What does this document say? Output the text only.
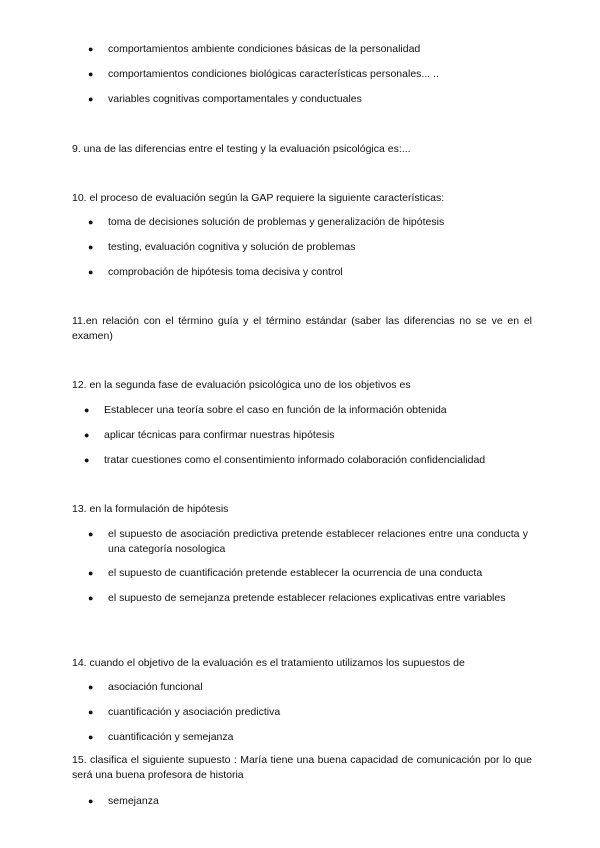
●	comportamientos ambiente condiciones básicas de la personalidad
●	comportamientos condiciones biológicas características personales... ..
●	variables cognitivas comportamentales y conductuales

9. una de las diferencias entre el testing y la evaluación psicológica es:...

10. el proceso de evaluación según la GAP requiere la siguiente características:

●	toma de decisiones solución de problemas y generalización de hipótesis
●	testing, evaluación cognitiva y solución de problemas
●	comprobación de hipótesis toma decisiva y control

11.en relación con el término guía y el término estándar (saber las diferencias no se ve en el examen)

12. en la segunda fase de evaluación psicológica uno de los objetivos es

●	Establecer una teoría sobre el caso en función de la información obtenida
●	aplicar técnicas para confirmar nuestras hipótesis
●	tratar cuestiones como el consentimiento informado colaboración confidencialidad

13. en la formulación de hipótesis

●	el supuesto de asociación predictiva pretende establecer relaciones entre una conducta y una categoría nosologica
●	el supuesto de cuantificación pretende establecer la ocurrencia de una conducta
●	el supuesto de semejanza pretende establecer relaciones explicativas entre variables

14. cuando el objetivo de la evaluación es el tratamiento utilizamos los supuestos de

●	asociación funcional
●	cuantificación y asociación predictiva
●	cuantificación y semejanza

15. clasifica el siguiente supuesto : María tiene una buena capacidad de comunicación por lo que será una buena profesora de historia

●	semejanza
